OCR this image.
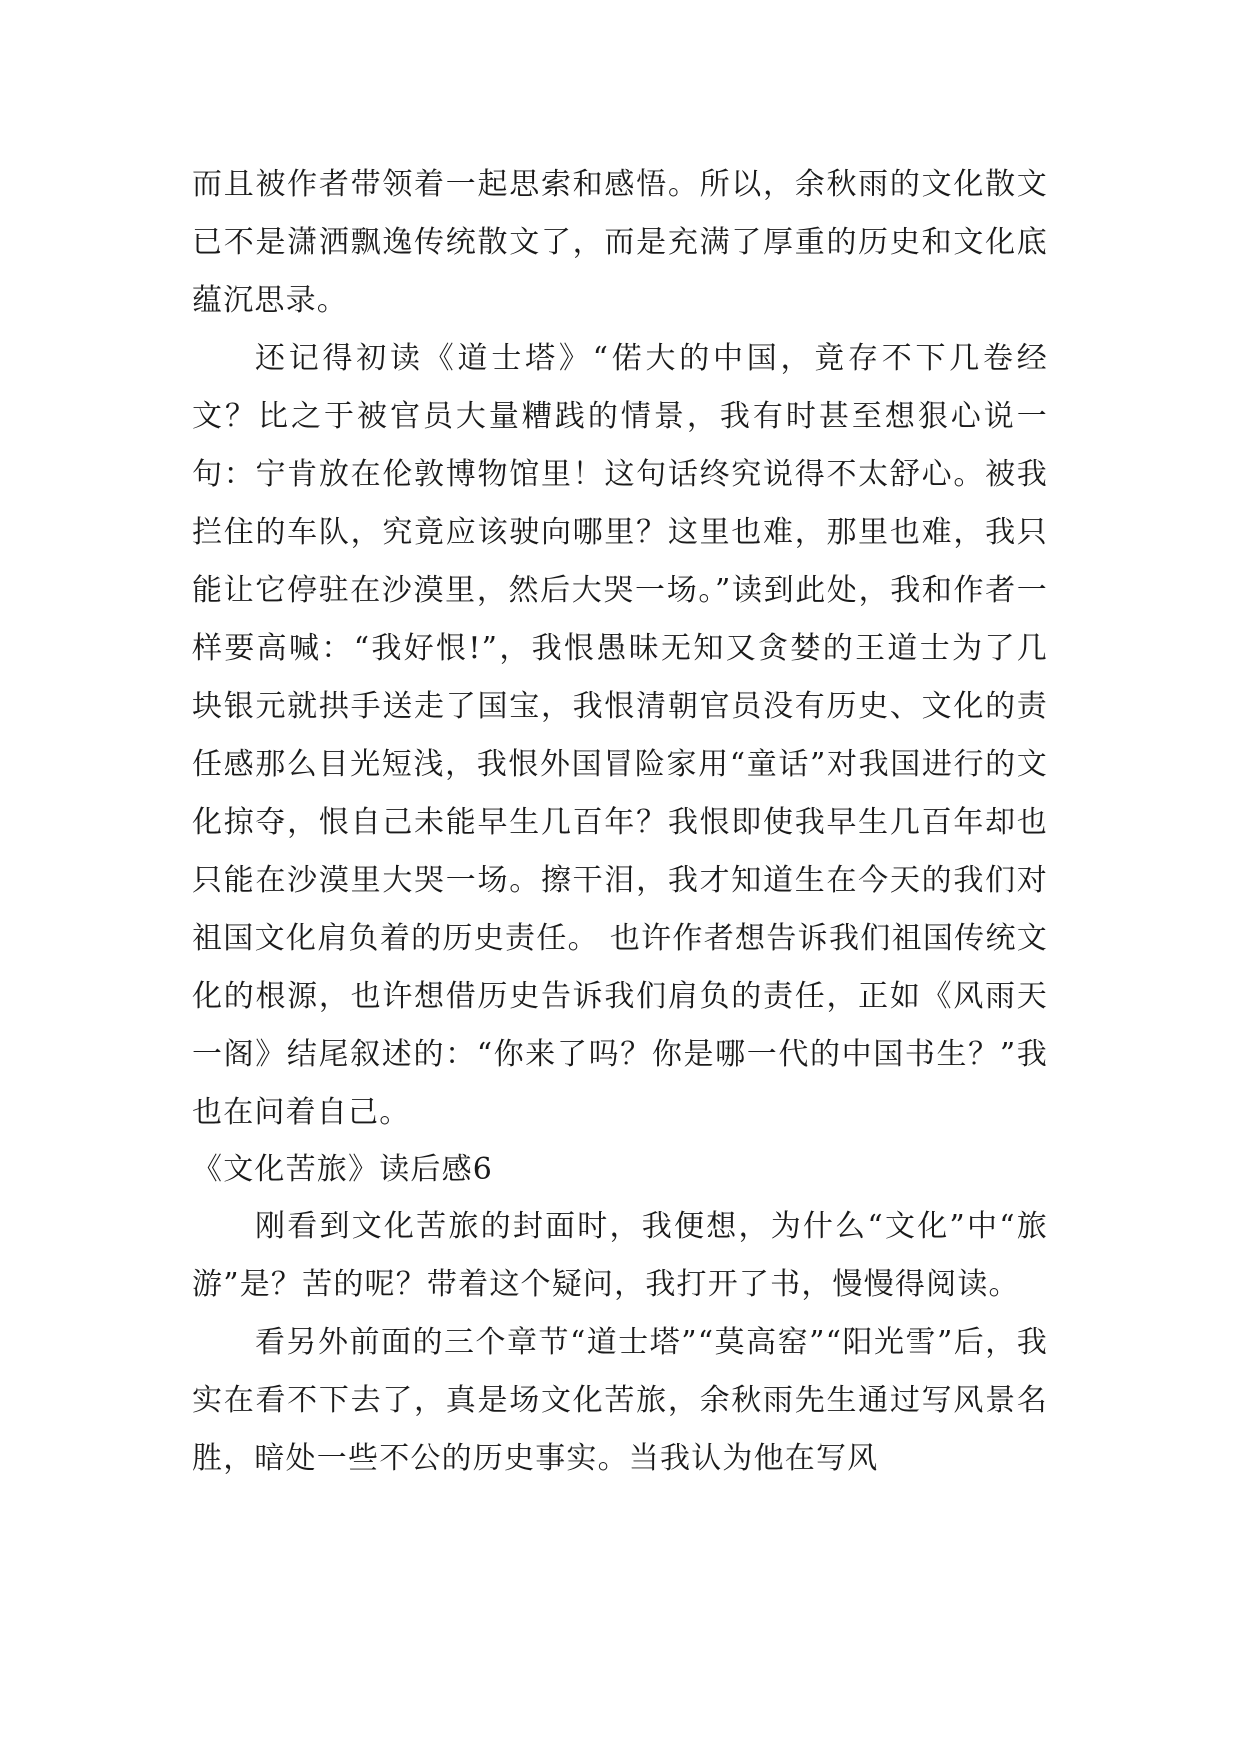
而且被作者带领着一起思索和感悟。所以，余秋雨的文化散文已不是潇洒飘逸传统散文了，而是充满了厚重的历史和文化底蕴沉思录。

还记得初读《道士塔》“偌大的中国，竟存不下几卷经文？比之于被官员大量糟践的情景，我有时甚至想狠心说一句：宁肯放在伦敦博物馆里！这句话终究说得不太舒心。被我拦住的车队，究竟应该驶向哪里？这里也难，那里也难，我只能让它停驻在沙漠里，然后大哭一场。”读到此处，我和作者一样要高喊：“我好恨!”，我恨愚昧无知又贪婪的王道士为了几块银元就拱手送走了国宝，我恨清朝官员没有历史、文化的责任感那么目光短浅，我恨外国冒险家用“童话”对我国进行的文化掠夺，恨自己未能早生几百年？我恨即使我早生几百年却也只能在沙漠里大哭一场。擦干泪，我才知道生在今天的我们对祖国文化肩负着的历史责任。 也许作者想告诉我们祖国传统文化的根源，也许想借历史告诉我们肩负的责任，正如《风雨天一阁》结尾叙述的：“你来了吗？你是哪一代的中国书生？”我也在问着自己。

《文化苦旅》读后感6

刚看到文化苦旅的封面时，我便想，为什么“文化”中“旅游”是？苦的呢？带着这个疑问，我打开了书，慢慢得阅读。

看另外前面的三个章节“道士塔”“莫高窑”“阳光雪”后，我实在看不下去了，真是场文化苦旅，余秋雨先生通过写风景名胜，暗处一些不公的历史事实。当我认为他在写风
